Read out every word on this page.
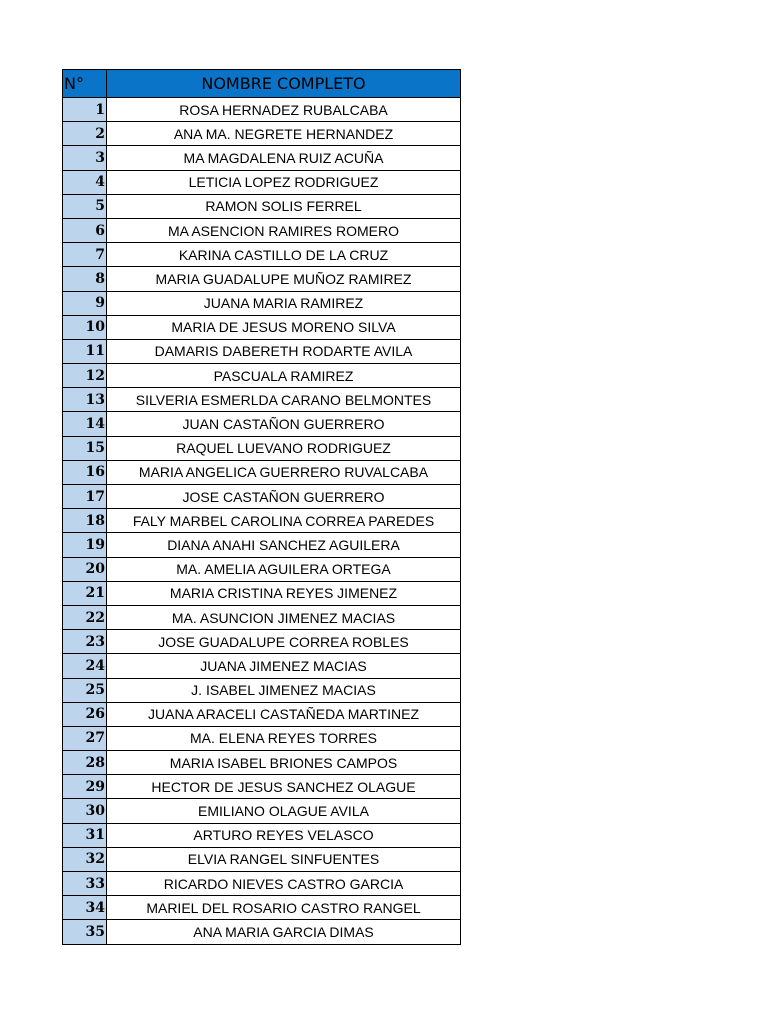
N°	NOMBRE COMPLETO
1	ROSA HERNADEZ RUBALCABA
2	ANA MA. NEGRETE HERNANDEZ
3	MA MAGDALENA RUIZ ACUÑA
4	LETICIA LOPEZ RODRIGUEZ
5	RAMON SOLIS FERREL
6	MA ASENCION RAMIRES ROMERO
7	KARINA CASTILLO DE LA CRUZ
8	MARIA GUADALUPE MUÑOZ RAMIREZ
9	JUANA MARIA RAMIREZ
10	MARIA DE JESUS MORENO SILVA
11	DAMARIS DABERETH RODARTE AVILA
12	PASCUALA RAMIREZ
13	SILVERIA ESMERLDA CARANO BELMONTES
14	JUAN CASTAÑON GUERRERO
15	RAQUEL LUEVANO RODRIGUEZ
16	MARIA ANGELICA GUERRERO RUVALCABA
17	JOSE CASTAÑON GUERRERO
18	FALY MARBEL CAROLINA CORREA PAREDES
19	DIANA ANAHI SANCHEZ AGUILERA
20	MA. AMELIA AGUILERA ORTEGA
21	MARIA CRISTINA REYES JIMENEZ
22	MA. ASUNCION JIMENEZ MACIAS
23	JOSE GUADALUPE CORREA ROBLES
24	JUANA JIMENEZ MACIAS
25	J. ISABEL JIMENEZ MACIAS
26	JUANA ARACELI CASTAÑEDA MARTINEZ
27	MA. ELENA REYES TORRES
28	MARIA ISABEL BRIONES CAMPOS
29	HECTOR DE JESUS SANCHEZ OLAGUE
30	EMILIANO OLAGUE AVILA
31	ARTURO REYES VELASCO
32	ELVIA RANGEL SINFUENTES
33	RICARDO NIEVES CASTRO GARCIA
34	MARIEL DEL ROSARIO CASTRO RANGEL
35	ANA MARIA GARCIA DIMAS
